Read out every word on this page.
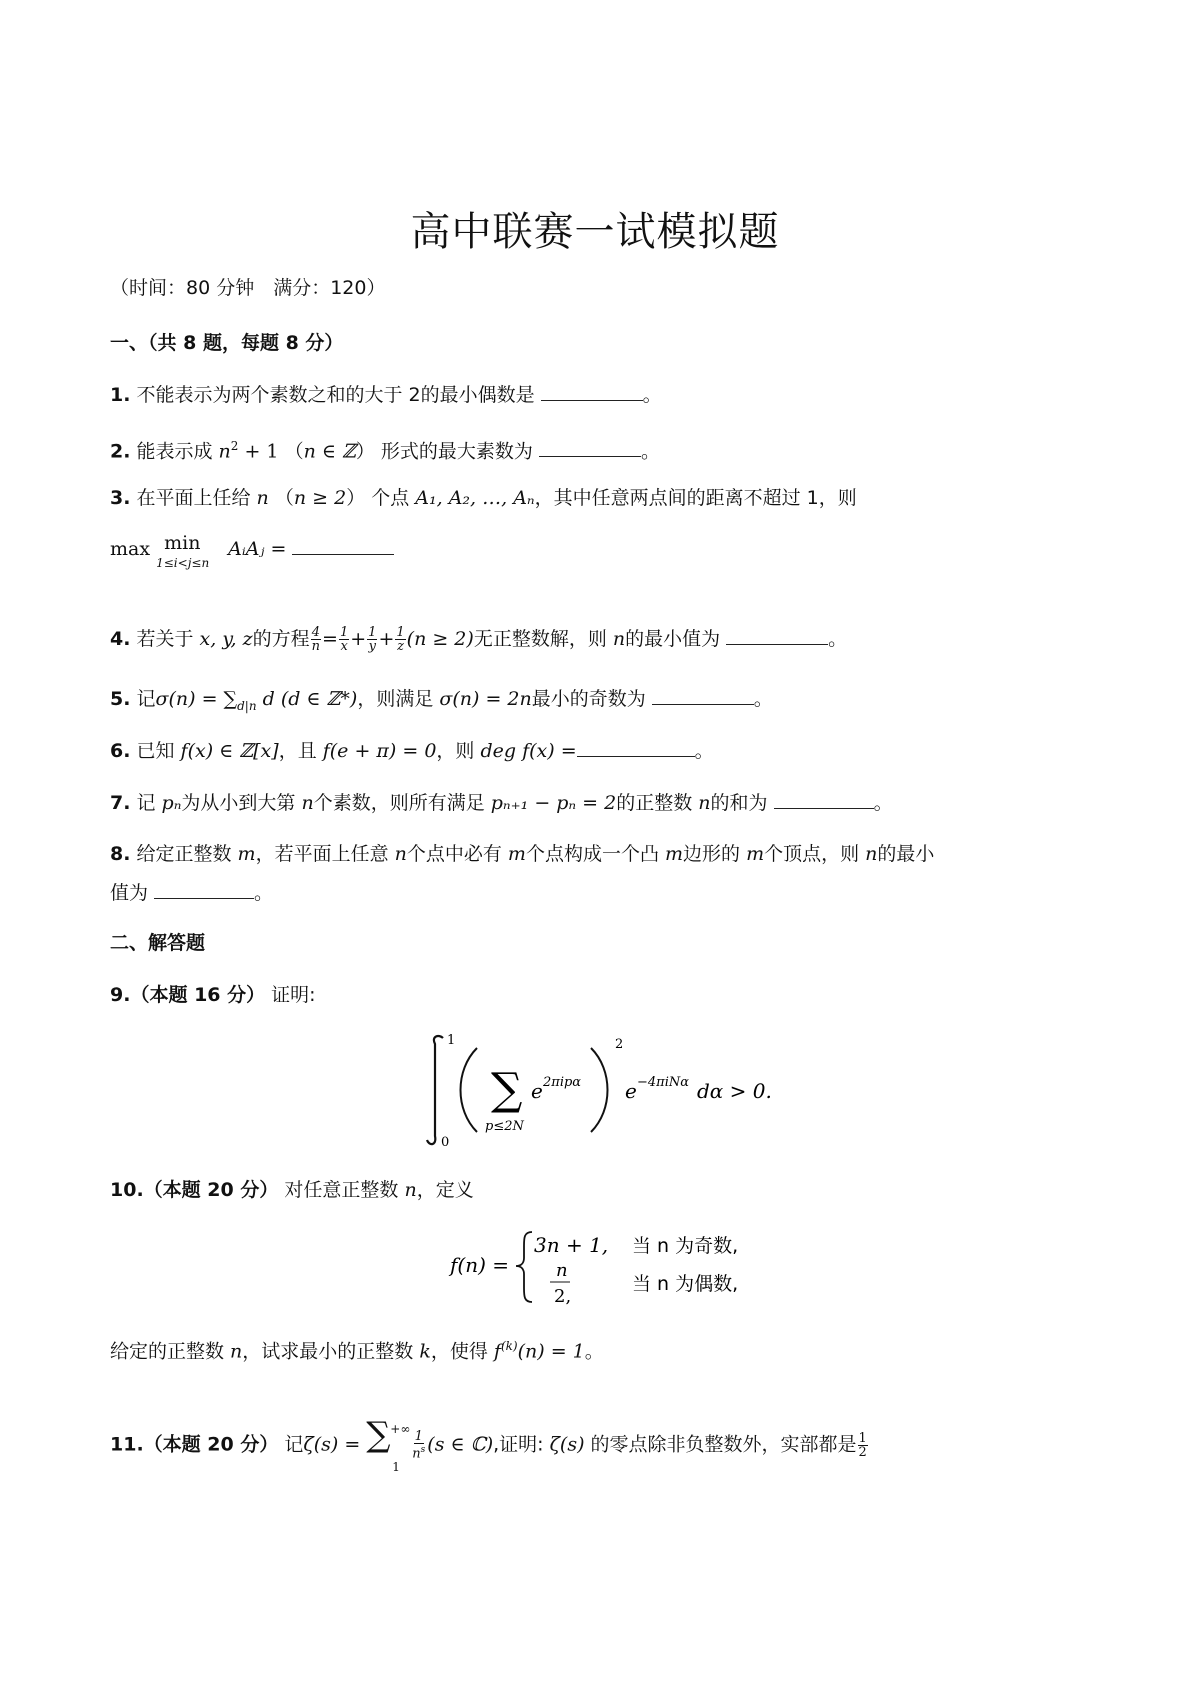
高中联赛一试模拟题
（时间：80 分钟　满分：120）
一、（共 8 题，每题 8 分）
1. 不能表示为两个素数之和的大于 2的最小偶数是	。
2. 能表示成 $n^2 + 1$ （n ∈ ℤ） 形式的最大素数为	。
3. 在平面上任给 n （n ≥ 2） 个点 A₁, A₂, …, Aₙ，其中任意两点间的距离不超过 1，则
max min
1≤i<j≤n
AᵢAⱼ =
4. 若关于 x, y, z的方程 $\frac{4}{n} = \frac{1}{x} + \frac{1}{y} + \frac{1}{z} (n \ge 2)$无正整数解，则 n的最小值为	。
5. 记$\sigma(n) = \sum_{d|n}$ d (d ∈ ℤ*)，则满足 σ(n) = 2n最小的奇数为	。
6. 已知 f(x) ∈ ℤ[x]，且 f(e + π) = 0，则 deg f(x) =	。
7. 记 pₙ为从小到大第 n个素数，则所有满足 pₙ₊₁ − pₙ = 2的正整数 n的和为	。
8. 给定正整数 m，若平面上任意 n个点中必有 m个点构成一个凸 m边形的 m个顶点，则 n的最小
值为	。
二、解答题
9.（本题 16 分） 证明:
1
0
∑
p≤2N
e 2πipα
2
e −4πiNα dα > 0.
10.（本题 20 分） 对任意正整数 n，定义
f(n) =
3n + 1, 当 n 为奇数,
n
2,
当 n 为偶数,
给定的正整数 n，试求最小的正整数 k，使得 $f^{(k)}(n) = 1$。
11.（本题 20 分） 记ζ(s) = ∑ +∞
1
$\frac{1}{n^s} (s$ ∈ ℂ),证明: ζ(s) 的零点除非负整数外，实部都是 $\frac{1}{2}$
